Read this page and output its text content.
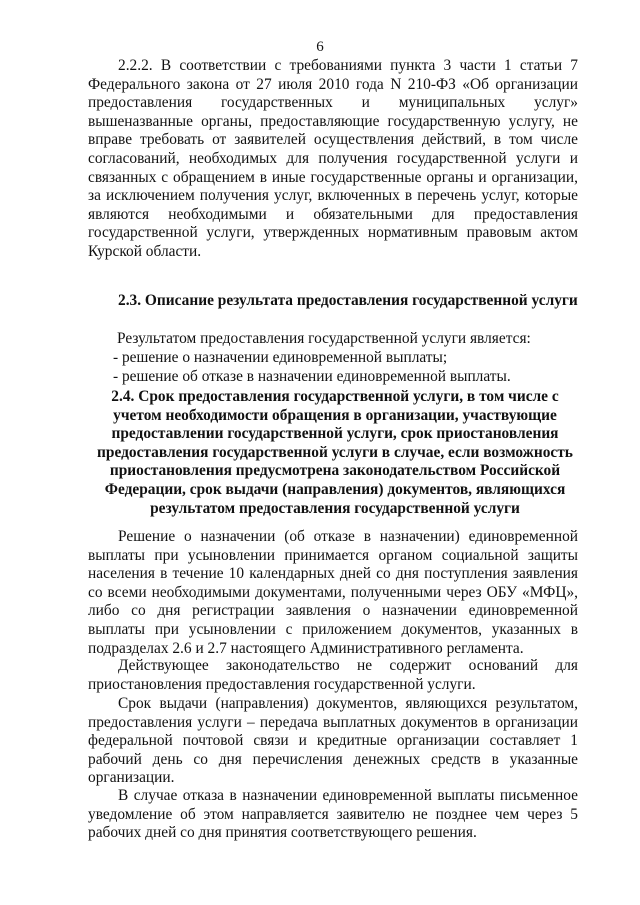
6

2.2.2. В соответствии с требованиями пункта 3 части 1 статьи 7 Федерального закона от 27 июля 2010 года N 210-ФЗ «Об организации предоставления государственных и муниципальных услуг» вышеназванные органы, предоставляющие государственную услугу, не вправе требовать от заявителей осуществления действий, в том числе согласований, необходимых для получения государственной услуги и связанных с обращением в иные государственные органы и организации, за исключением получения услуг, включенных в перечень услуг, которые являются необходимыми и обязательными для предоставления государственной услуги, утвержденных нормативным правовым актом Курской области.

2.3. Описание результата предоставления государственной услуги

Результатом предоставления государственной услуги является:

- решение о назначении единовременной выплаты;

- решение об отказе в назначении единовременной выплаты.

2.4. Срок предоставления государственной услуги, в том числе с учетом необходимости обращения в организации, участвующие предоставлении государственной услуги, срок приостановления предоставления государственной услуги в случае, если возможность приостановления предусмотрена законодательством Российской Федерации, срок выдачи (направления) документов, являющихся результатом предоставления государственной услуги

Решение о назначении (об отказе в назначении) единовременной выплаты при усыновлении принимается органом социальной защиты населения в течение 10 календарных дней со дня поступления заявления со всеми необходимыми документами, полученными через ОБУ «МФЦ», либо со дня регистрации заявления о назначении единовременной выплаты при усыновлении с приложением документов, указанных в подразделах 2.6 и 2.7 настоящего Административного регламента.

Действующее законодательство не содержит оснований для приостановления предоставления государственной услуги.

Срок выдачи (направления) документов, являющихся результатом, предоставления услуги – передача выплатных документов в организации федеральной почтовой связи и кредитные организации составляет 1 рабочий день со дня перечисления денежных средств в указанные организации.

В случае отказа в назначении единовременной выплаты письменное уведомление об этом направляется заявителю не позднее чем через 5 рабочих дней со дня принятия соответствующего решения.
